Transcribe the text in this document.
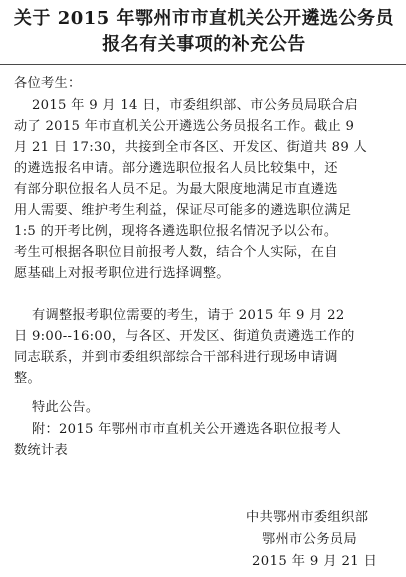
关于 2015 年鄂州市市直机关公开遴选公务员
报名有关事项的补充公告
各位考生：
2015 年 9 月 14 日，市委组织部、市公务员局联合启
动了 2015 年市直机关公开遴选公务员报名工作。截止 9
月 21 日 17:30，共接到全市各区、开发区、街道共 89 人
的遴选报名申请。部分遴选职位报名人员比较集中，还
有部分职位报名人员不足。为最大限度地满足市直遴选
用人需要、维护考生利益，保证尽可能多的遴选职位满足
1:5 的开考比例，现将各遴选职位报名情况予以公布。
考生可根据各职位目前报考人数，结合个人实际，在自
愿基础上对报考职位进行选择调整。
有调整报考职位需要的考生，请于 2015 年 9 月 22
日 9:00--16:00，与各区、开发区、街道负责遴选工作的
同志联系，并到市委组织部综合干部科进行现场申请调
整。
特此公告。
附：2015 年鄂州市市直机关公开遴选各职位报考人
数统计表
中共鄂州市委组织部
鄂州市公务员局
2015 年 9 月 21 日
